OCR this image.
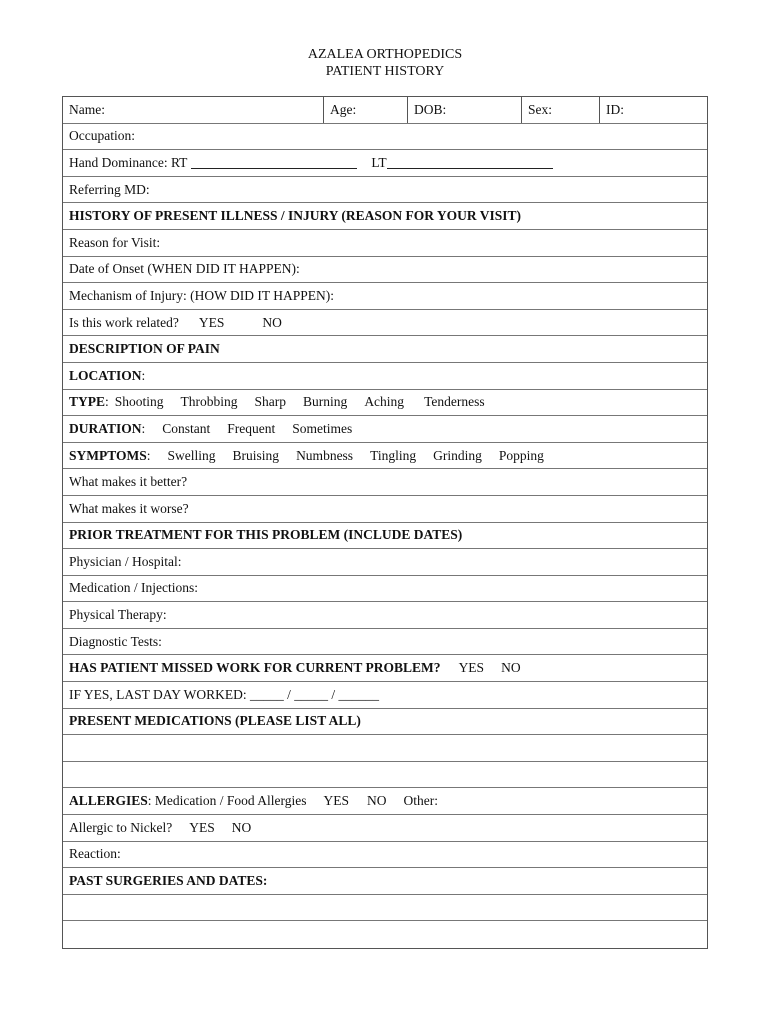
AZALEA ORTHOPEDICS
PATIENT HISTORY
Name:	Age:	DOB:	Sex:	ID:
Occupation:
Hand Dominance: RT	LT
Referring MD:
HISTORY OF PRESENT ILLNESS / INJURY (REASON FOR YOUR VISIT)
Reason for Visit:
Date of Onset (WHEN DID IT HAPPEN):
Mechanism of Injury: (HOW DID IT HAPPEN):
Is this work related? YES	NO
DESCRIPTION OF PAIN
LOCATION :
TYPE : Shooting Throbbing Sharp Burning Aching Tenderness
DURATION : Constant Frequent Sometimes
SYMPTOMS : Swelling Bruising Numbness Tingling Grinding Popping
What makes it better?
What makes it worse?
PRIOR TREATMENT FOR THIS PROBLEM (INCLUDE DATES)
Physician / Hospital:
Medication / Injections:
Physical Therapy:
Diagnostic Tests:
HAS PATIENT MISSED WORK FOR CURRENT PROBLEM? YES NO
IF YES, LAST DAY WORKED: _____ / _____ / ______
PRESENT MEDICATIONS (PLEASE LIST ALL)
ALLERGIES : Medication / Food Allergies YES NO Other:
Allergic to Nickel? YES NO
Reaction:
PAST SURGERIES AND DATES:
